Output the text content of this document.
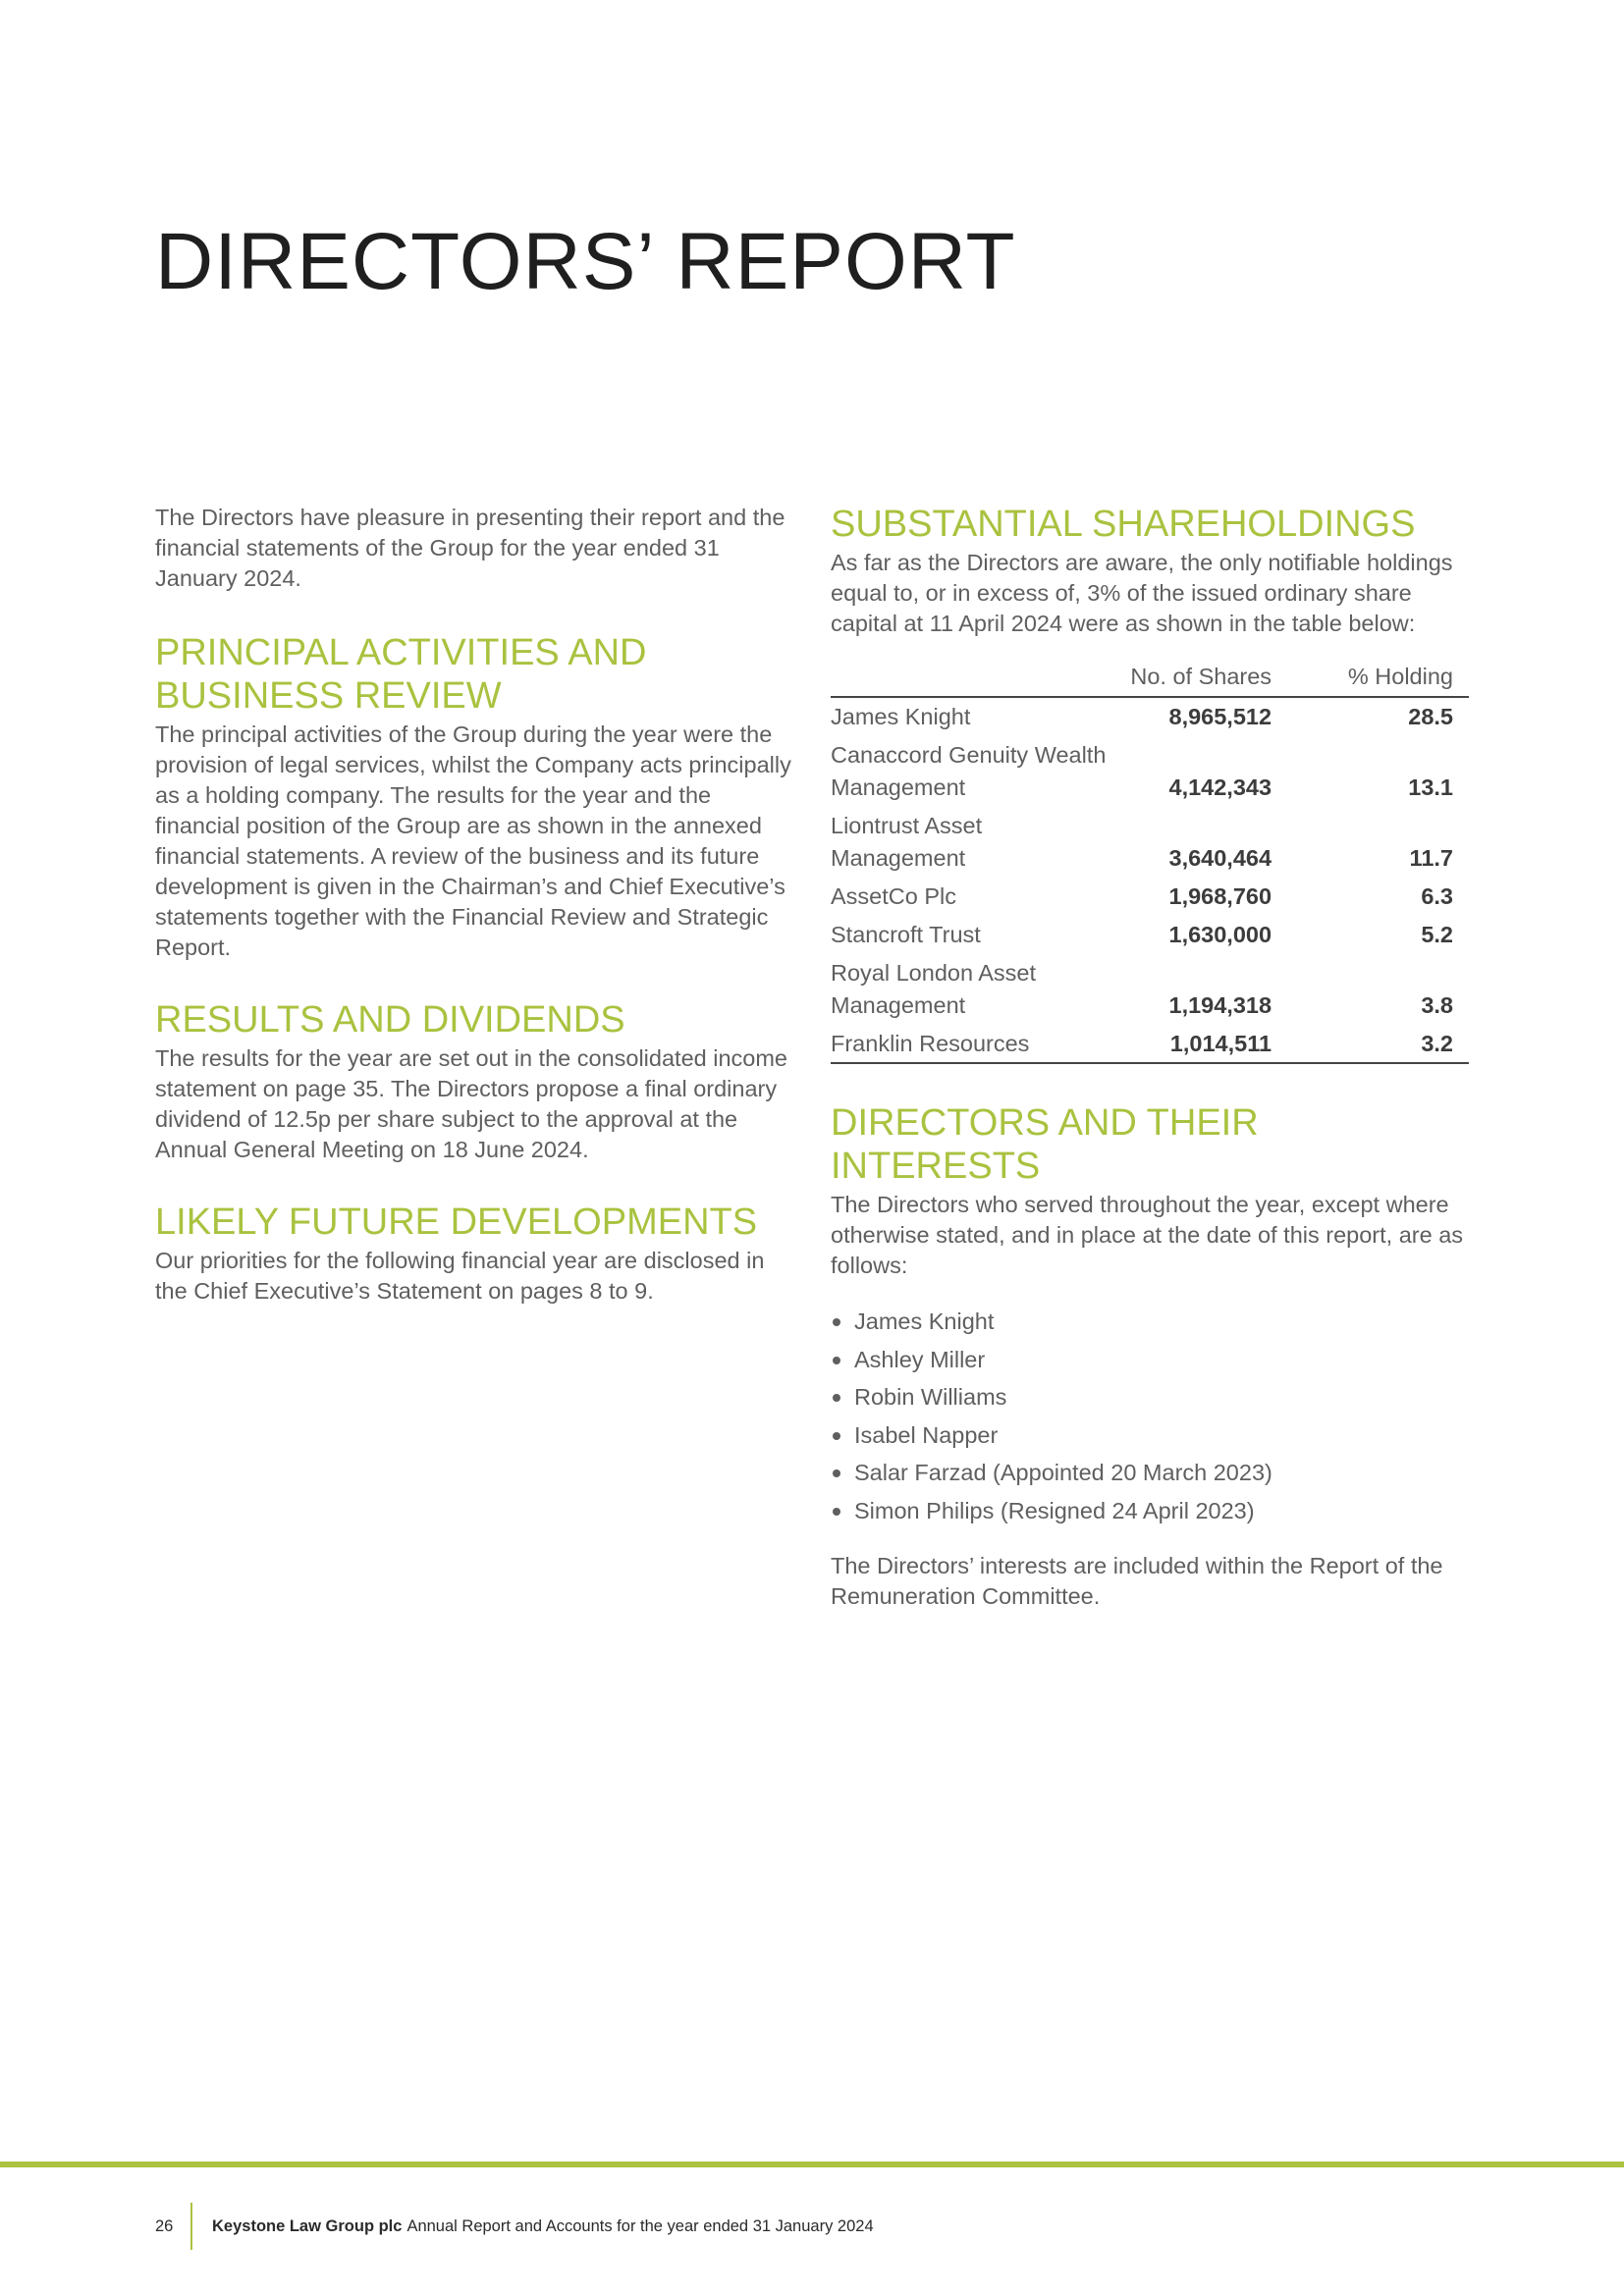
DIRECTORS’ REPORT

The Directors have pleasure in presenting their report and the financial statements of the Group for the year ended 31 January 2024.

PRINCIPAL ACTIVITIES AND BUSINESS REVIEW

The principal activities of the Group during the year were the provision of legal services, whilst the Company acts principally as a holding company. The results for the year and the financial position of the Group are as shown in the annexed financial statements. A review of the business and its future development is given in the Chairman’s and Chief Executive’s statements together with the Financial Review and Strategic Report.

RESULTS AND DIVIDENDS

The results for the year are set out in the consolidated income statement on page 35. The Directors propose a final ordinary dividend of 12.5p per share subject to the approval at the Annual General Meeting on 18 June 2024.

LIKELY FUTURE DEVELOPMENTS

Our priorities for the following financial year are disclosed in the Chief Executive’s Statement on pages 8 to 9.

SUBSTANTIAL SHAREHOLDINGS

As far as the Directors are aware, the only notifiable holdings equal to, or in excess of, 3% of the issued ordinary share capital at 11 April 2024 were as shown in the table below:

	No. of Shares	% Holding
James Knight	8,965,512	28.5
Canaccord Genuity Wealth Management	4,142,343	13.1
Liontrust Asset Management	3,640,464	11.7
AssetCo Plc	1,968,760	6.3
Stancroft Trust	1,630,000	5.2
Royal London Asset Management	1,194,318	3.8
Franklin Resources	1,014,511	3.2
DIRECTORS AND THEIR INTERESTS

The Directors who served throughout the year, except where otherwise stated, and in place at the date of this report, are as follows:

James Knight
Ashley Miller
Robin Williams
Isabel Napper
Salar Farzad (Appointed 20 March 2023)
Simon Philips (Resigned 24 April 2023)

The Directors’ interests are included within the Report of the Remuneration Committee.

26	Keystone Law Group plc Annual Report and Accounts for the year ended 31 January 2024
